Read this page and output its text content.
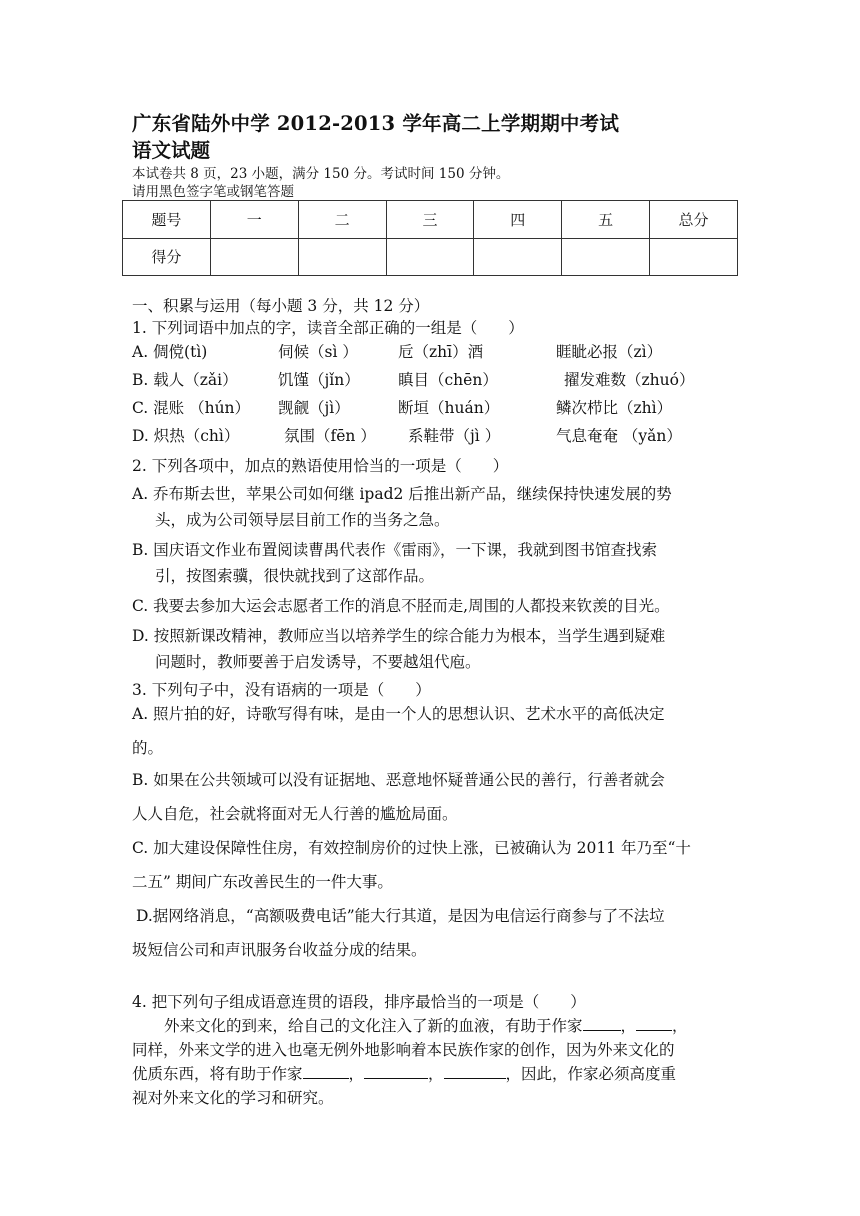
广东省陆外中学 2012-2013 学年高二上学期期中考试
语文试题
本试卷共 8 页，23 小题，满分 150 分。考试时间 150 分钟。
请用黑色签字笔或钢笔答题
题号	一	二	三	四	五	总分
得分						
一、积累与运用（每小题 3 分，共 12 分）
1. 下列词语中加点的字，读音全部正确的一组是（　　）
A. 倜傥(tì)	伺候（sì ）	卮（zhī）酒	睚眦必报（zì）
B. 载人（zǎi）	饥馑（jǐn） 瞋目（chēn）	擢发难数（zhuó）
C. 混账 （hún） 觊觎（jì）	断垣（huán）	鳞次栉比（zhì）
D. 炽热（chì）	氛围（fēn ） 系鞋带（jì ）	气息奄奄 （yǎn）
2. 下列各项中，加点的熟语使用恰当的一项是（　　）
A. 乔布斯去世，苹果公司如何继 ipad2 后推出新产品，继续保持快速发展的势
头，成为公司领导层目前工作的当务之急。
B. 国庆语文作业布置阅读曹禺代表作《雷雨》，一下课，我就到图书馆查找索
引，按图索骥，很快就找到了这部作品。
C. 我要去参加大运会志愿者工作的消息不胫而走,周围的人都投来钦羡的目光。
D. 按照新课改精神，教师应当以培养学生的综合能力为根本，当学生遇到疑难
问题时，教师要善于启发诱导，不要越俎代庖。
3. 下列句子中，没有语病的一项是（　　）
A. 照片拍的好，诗歌写得有味，是由一个人的思想认识、艺术水平的高低决定
的。
B. 如果在公共领域可以没有证据地、恶意地怀疑普通公民的善行，行善者就会
人人自危，社会就将面对无人行善的尴尬局面。
C. 加大建设保障性住房，有效控制房价的过快上涨，已被确认为 2011 年乃至“十
二五” 期间广东改善民生的一件大事。
D.据网络消息，“高额吸费电话”能大行其道，是因为电信运行商参与了不法垃
圾短信公司和声讯服务台收益分成的结果。
4. 把下列句子组成语意连贯的语段，排序最恰当的一项是（　　）
外来文化的到来，给自己的文化注入了新的血液，有助于作家 ， ，
同样，外来文学的进入也毫无例外地影响着本民族作家的创作，因为外来文化的
优质东西，将有助于作家	，	，	，因此，作家必须高度重
视对外来文化的学习和研究。
